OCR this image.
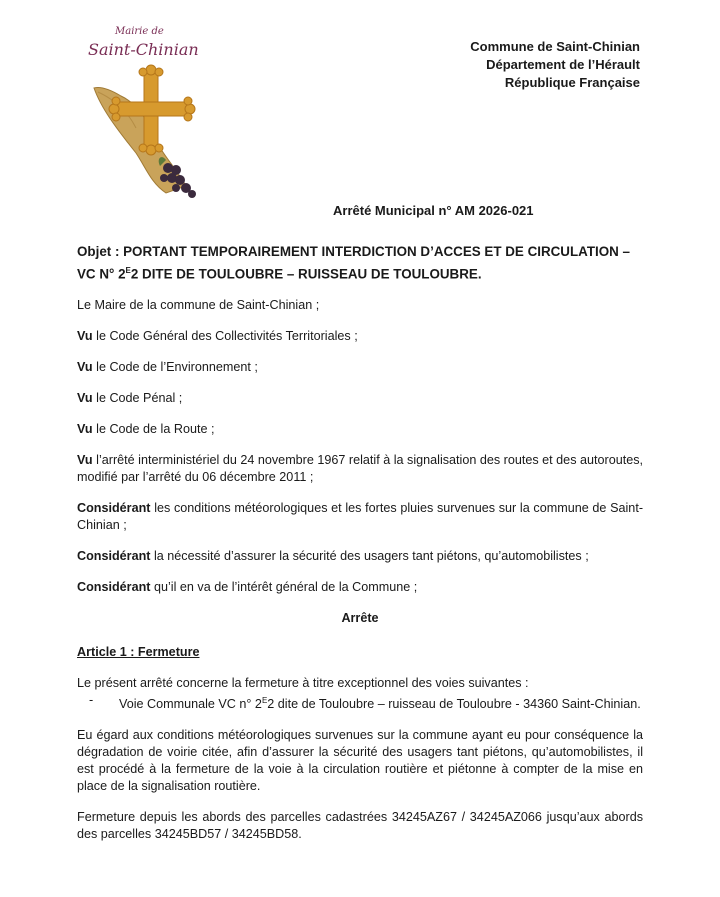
Mairie de
Saint-Chinian	Commune de Saint-Chinian
Département de l’Hérault
République Française
Arrêté Municipal n° AM 2026-021
Objet : PORTANT TEMPORAIREMENT INTERDICTION D’ACCES ET DE CIRCULATION – VC N° $2^E2$ DITE DE TOULOUBRE – RUISSEAU DE TOULOUBRE.

Le Maire de la commune de Saint-Chinian ;

Vu le Code Général des Collectivités Territoriales ;

Vu le Code de l’Environnement ;

Vu le Code Pénal ;

Vu le Code de la Route ;

Vu l’arrêté interministériel du 24 novembre 1967 relatif à la signalisation des routes et des autoroutes, modifié par l’arrêté du 06 décembre 2011 ;

Considérant les conditions météorologiques et les fortes pluies survenues sur la commune de Saint-Chinian ;

Considérant la nécessité d’assurer la sécurité des usagers tant piétons, qu’automobilistes ;

Considérant qu’il en va de l’intérêt général de la Commune ;

Arrête

Article 1 : Fermeture

Le présent arrêté concerne la fermeture à titre exceptionnel des voies suivantes :
- Voie Communale VC n° $2^E2$ dite de Touloubre – ruisseau de Touloubre - 34360 Saint-Chinian.

Eu égard aux conditions météorologiques survenues sur la commune ayant eu pour conséquence la dégradation de voirie citée, afin d’assurer la sécurité des usagers tant piétons, qu’automobilistes, il est procédé à la fermeture de la voie à la circulation routière et piétonne à compter de la mise en place de la signalisation routière.

Fermeture depuis les abords des parcelles cadastrées 34245AZ67 / 34245AZ066 jusqu’aux abords des parcelles 34245BD57 / 34245BD58.
